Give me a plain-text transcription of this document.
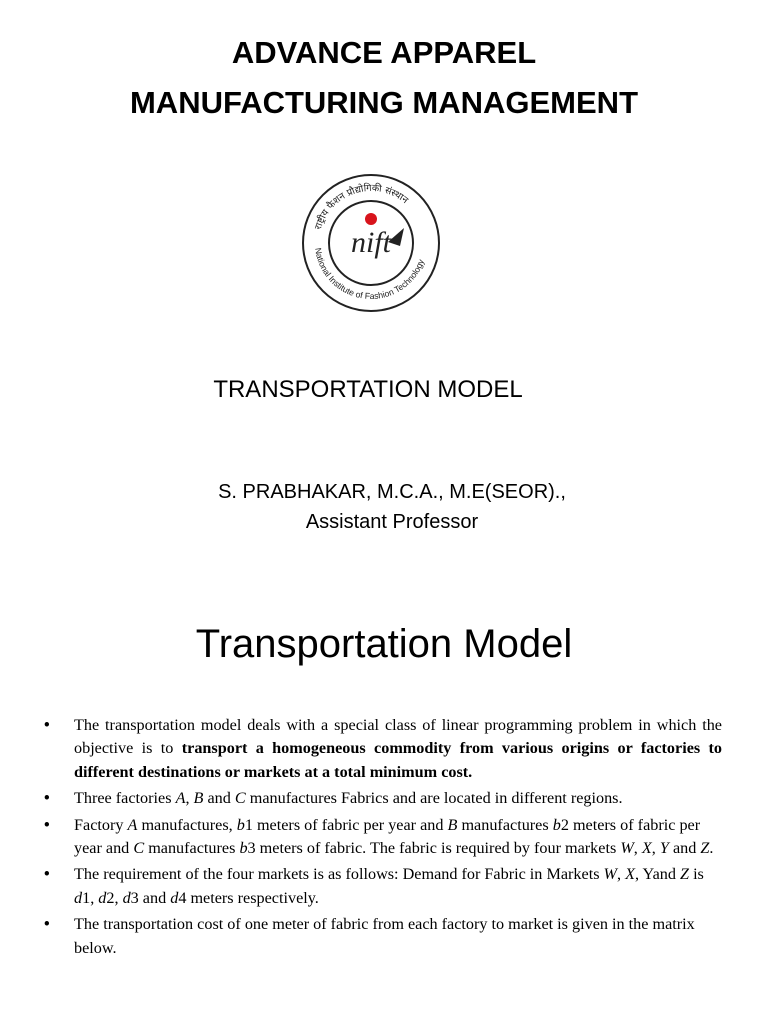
ADVANCE APPAREL
MANUFACTURING MANAGEMENT
राष्ट्रीय फैशन प्रौद्योगिकी संस्थान
National Institute of Fashion Technology
nift
TRANSPORTATION MODEL
S. PRABHAKAR, M.C.A., M.E(SEOR).,
Assistant Professor
Transportation Model
• The transportation model deals with a special class of linear programming problem in which the objective is to transport a homogeneous commodity from various origins or factories to different destinations or markets at a total minimum cost.
• Three factories A, B and C manufactures Fabrics and are located in different regions.
• Factory A manufactures, b1 meters of fabric per year and B manufactures b2 meters of fabric per year and C manufactures b3 meters of fabric. The fabric is required by four markets W, X, Y and Z.
• The requirement of the four markets is as follows: Demand for Fabric in Markets W, X, Yand Z is d1, d2, d3 and d4 meters respectively.
• The transportation cost of one meter of fabric from each factory to market is given in the matrix below.
